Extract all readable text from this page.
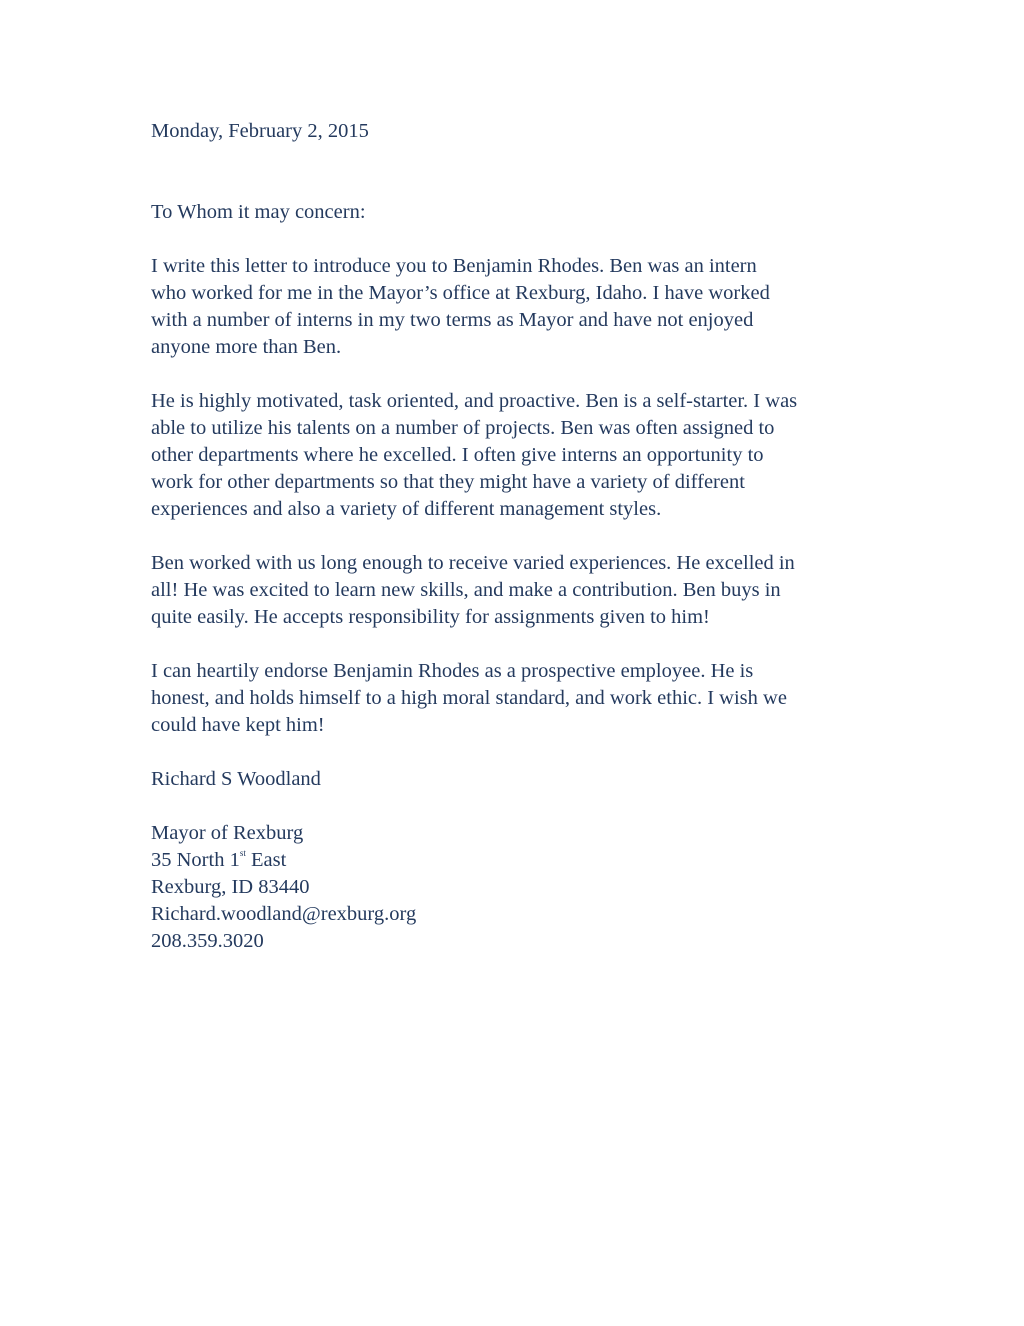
Monday, February 2, 2015

To Whom it may concern:

I write this letter to introduce you to Benjamin Rhodes. Ben was an intern
who worked for me in the Mayor’s office at Rexburg, Idaho. I have worked
with a number of interns in my two terms as Mayor and have not enjoyed
anyone more than Ben.

He is highly motivated, task oriented, and proactive. Ben is a self-starter. I was
able to utilize his talents on a number of projects. Ben was often assigned to
other departments where he excelled. I often give interns an opportunity to
work for other departments so that they might have a variety of different
experiences and also a variety of different management styles.

Ben worked with us long enough to receive varied experiences. He excelled in
all! He was excited to learn new skills, and make a contribution. Ben buys in
quite easily. He accepts responsibility for assignments given to him!

I can heartily endorse Benjamin Rhodes as a prospective employee. He is
honest, and holds himself to a high moral standard, and work ethic. I wish we
could have kept him!

Richard S Woodland

Mayor of Rexburg
35 North 1st East
Rexburg, ID 83440
Richard.woodland@rexburg.org
208.359.3020
